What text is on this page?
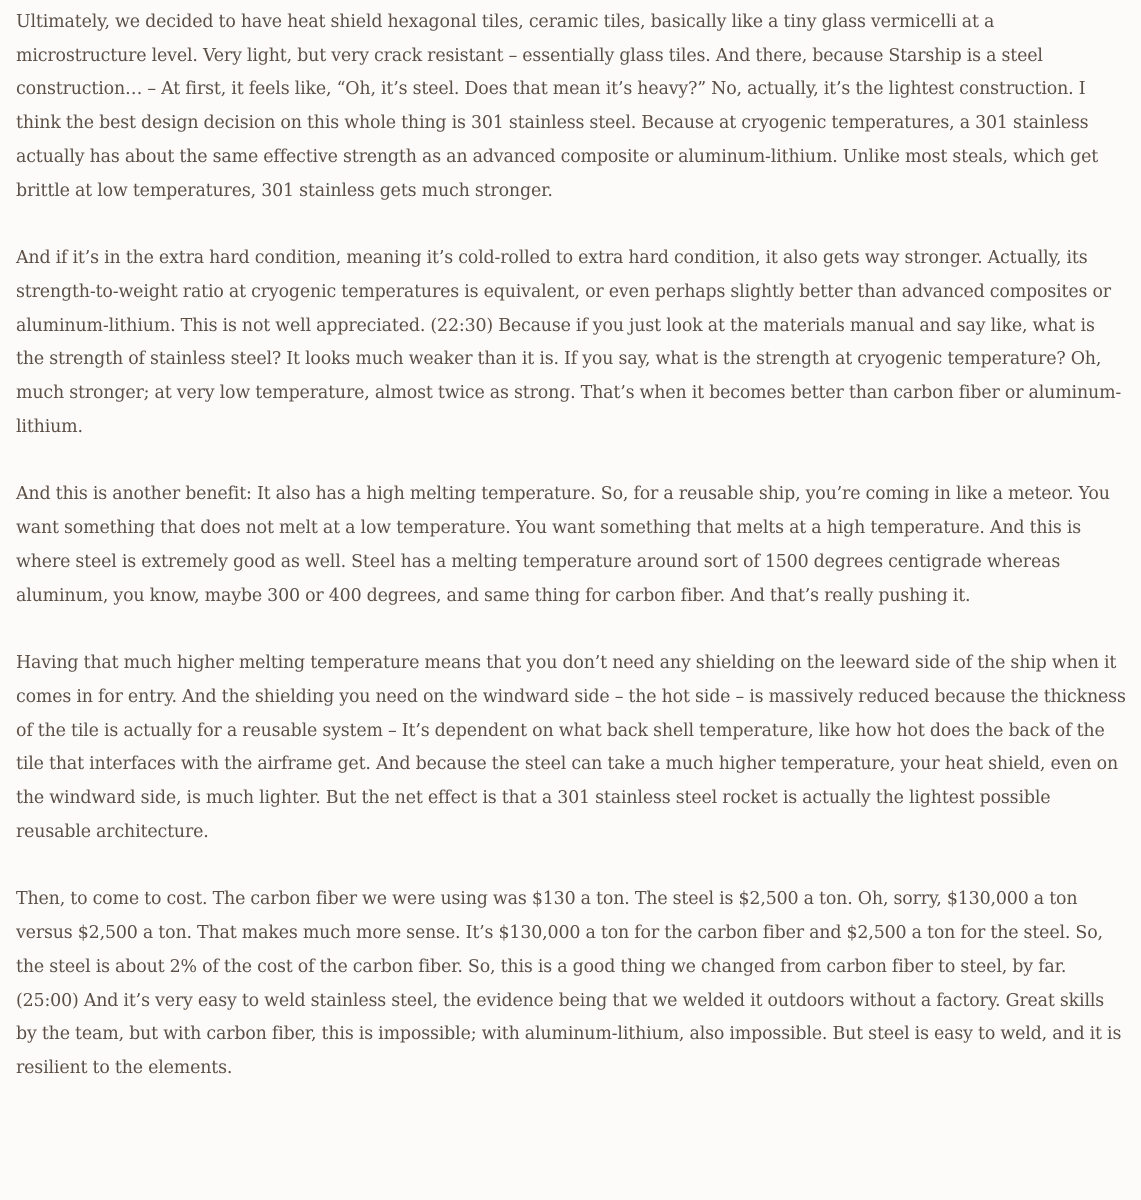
Ultimately, we decided to have heat shield hexagonal tiles, ceramic tiles, basically like a tiny glass vermicelli at a microstructure level. Very light, but very crack resistant – essentially glass tiles. And there, because Starship is a steel construction… – At first, it feels like, “Oh, it’s steel. Does that mean it’s heavy?” No, actually, it’s the lightest construction. I think the best design decision on this whole thing is 301 stainless steel. Because at cryogenic temperatures, a 301 stainless actually has about the same effective strength as an advanced composite or aluminum-lithium. Unlike most steals, which get brittle at low temperatures, 301 stainless gets much stronger.

And if it’s in the extra hard condition, meaning it’s cold-rolled to extra hard condition, it also gets way stronger. Actually, its strength-to-weight ratio at cryogenic temperatures is equivalent, or even perhaps slightly better than advanced composites or aluminum-lithium. This is not well appreciated. (22:30) Because if you just look at the materials manual and say like, what is the strength of stainless steel? It looks much weaker than it is. If you say, what is the strength at cryogenic temperature? Oh, much stronger; at very low temperature, almost twice as strong. That’s when it becomes better than carbon fiber or aluminum-lithium.

And this is another benefit: It also has a high melting temperature. So, for a reusable ship, you’re coming in like a meteor. You want something that does not melt at a low temperature. You want something that melts at a high temperature. And this is where steel is extremely good as well. Steel has a melting temperature around sort of 1500 degrees centigrade whereas aluminum, you know, maybe 300 or 400 degrees, and same thing for carbon fiber. And that’s really pushing it.

Having that much higher melting temperature means that you don’t need any shielding on the leeward side of the ship when it comes in for entry. And the shielding you need on the windward side – the hot side – is massively reduced because the thickness of the tile is actually for a reusable system – It’s dependent on what back shell temperature, like how hot does the back of the tile that interfaces with the airframe get. And because the steel can take a much higher temperature, your heat shield, even on the windward side, is much lighter. But the net effect is that a 301 stainless steel rocket is actually the lightest possible reusable architecture.

Then, to come to cost. The carbon fiber we were using was $130 a ton. The steel is $2,500 a ton. Oh, sorry, $130,000 a ton versus $2,500 a ton. That makes much more sense. It’s $130,000 a ton for the carbon fiber and $2,500 a ton for the steel. So, the steel is about 2% of the cost of the carbon fiber. So, this is a good thing we changed from carbon fiber to steel, by far. (25:00) And it’s very easy to weld stainless steel, the evidence being that we welded it outdoors without a factory. Great skills by the team, but with carbon fiber, this is impossible; with aluminum-lithium, also impossible. But steel is easy to weld, and it is resilient to the elements.
